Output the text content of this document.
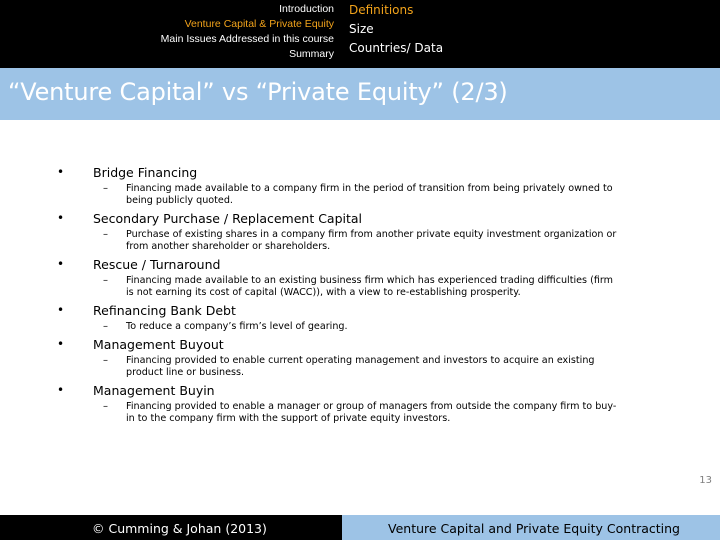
Introduction
Venture Capital & Private Equity
Main Issues Addressed in this course
Summary
Definitions
Size
Countries/ Data
“Venture Capital” vs “Private Equity” (2/3)
• Bridge Financing
– Financing made available to a company firm in the period of transition from being privately owned to
being publicly quoted.
• Secondary Purchase / Replacement Capital
– Purchase of existing shares in a company firm from another private equity investment organization or
from another shareholder or shareholders.
• Rescue / Turnaround
– Financing made available to an existing business firm which has experienced trading difficulties (firm
is not earning its cost of capital (WACC)), with a view to re-establishing prosperity.
• Refinancing Bank Debt
– To reduce a company’s firm’s level of gearing.
• Management Buyout
– Financing provided to enable current operating management and investors to acquire an existing
product line or business.
• Management Buyin
– Financing provided to enable a manager or group of managers from outside the company firm to buy-
in to the company firm with the support of private equity investors.
13
© Cumming & Johan (2013)	Venture Capital and Private Equity Contracting
